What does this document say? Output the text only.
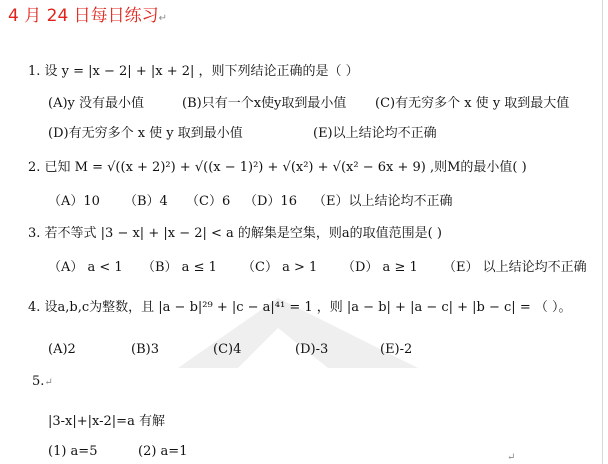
4 月 24 日每日练习↵
1. 设 y = |x − 2| + |x + 2| ，则下列结论正确的是（ ）
(A)y 没有最小值	(B)只有一个x使y取到最小值 (C)有无穷多个 x 使 y 取到最大值
(D)有无穷多个 x 使 y 取到最小值	(E)以上结论均不正确
2. 已知 M = √((x + 2)²) + √((x − 1)²) + √(x²) + √(x² − 6x + 9) ,则M的最小值( )
（A）10 （B）4 （C）6 （D）16 （E）以上结论均不正确
3. 若不等式 |3 − x| + |x − 2| < a 的解集是空集，则a的取值范围是( )
（A） a < 1 （B） a ≤ 1 （C） a > 1 （D） a ≥ 1 （E） 以上结论均不正确
4. 设a,b,c为整数，且 |a − b|²⁹ + |c − a|⁴¹ = 1 ，则 |a − b| + |a − c| + |b − c| = （ ）。
(A)2	(B)3	(C)4	(D)-3	(E)-2
5.↵
|3-x|+|x-2|=a 有解
(1) a=5	(2) a=1	↵
